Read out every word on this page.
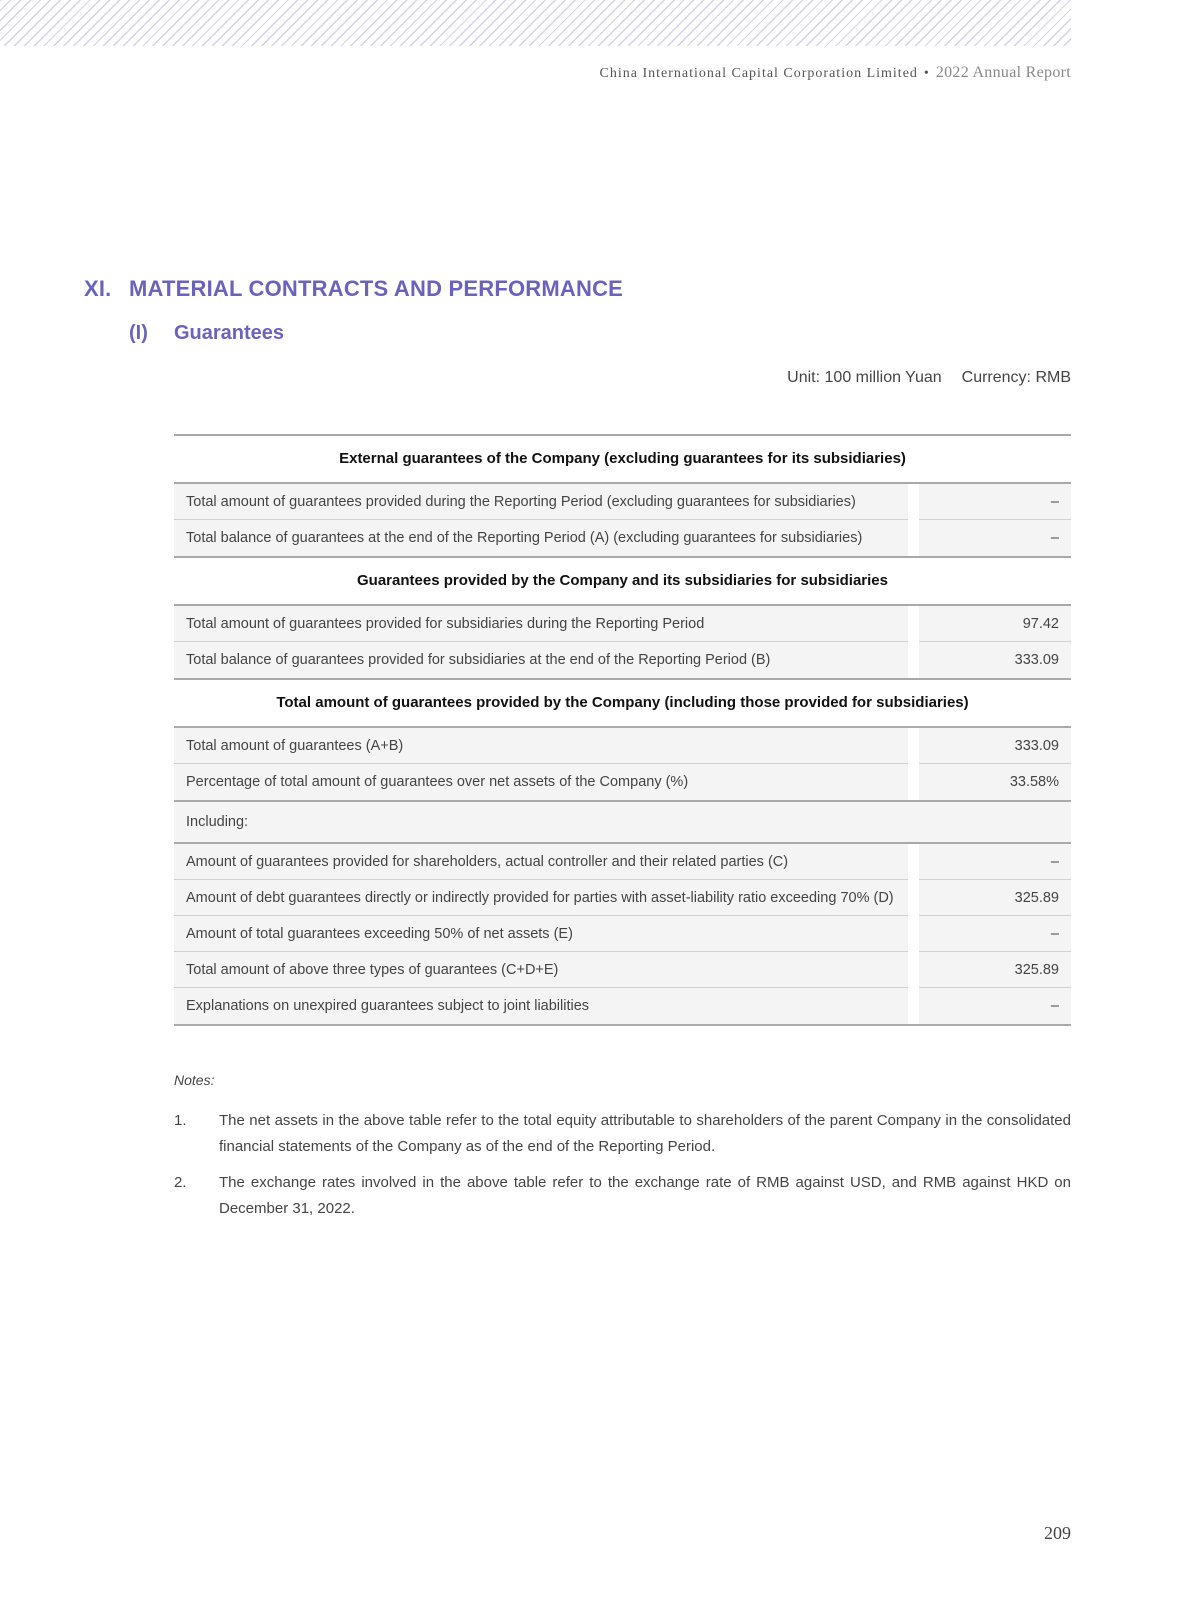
China International Capital Corporation Limited • 2022 Annual Report
XI. MATERIAL CONTRACTS AND PERFORMANCE
(I) Guarantees
Unit: 100 million Yuan Currency: RMB
External guarantees of the Company (excluding guarantees for its subsidiaries)
Total amount of guarantees provided during the Reporting Period (excluding guarantees for subsidiaries)	–
Total balance of guarantees at the end of the Reporting Period (A) (excluding guarantees for subsidiaries)	–
Guarantees provided by the Company and its subsidiaries for subsidiaries
Total amount of guarantees provided for subsidiaries during the Reporting Period	97.42
Total balance of guarantees provided for subsidiaries at the end of the Reporting Period (B)	333.09
Total amount of guarantees provided by the Company (including those provided for subsidiaries)
Total amount of guarantees (A+B)	333.09
Percentage of total amount of guarantees over net assets of the Company (%)	33.58%
Including:
Amount of guarantees provided for shareholders, actual controller and their related parties (C)	–
Amount of debt guarantees directly or indirectly provided for parties with asset-liability ratio exceeding 70% (D)	325.89
Amount of total guarantees exceeding 50% of net assets (E)	–
Total amount of above three types of guarantees (C+D+E)	325.89
Explanations on unexpired guarantees subject to joint liabilities	–
Notes:
1.	The net assets in the above table refer to the total equity attributable to shareholders of the parent Company in the consolidated financial statements of the Company as of the end of the Reporting Period.
2.	The exchange rates involved in the above table refer to the exchange rate of RMB against USD, and RMB against HKD on December 31, 2022.
209
